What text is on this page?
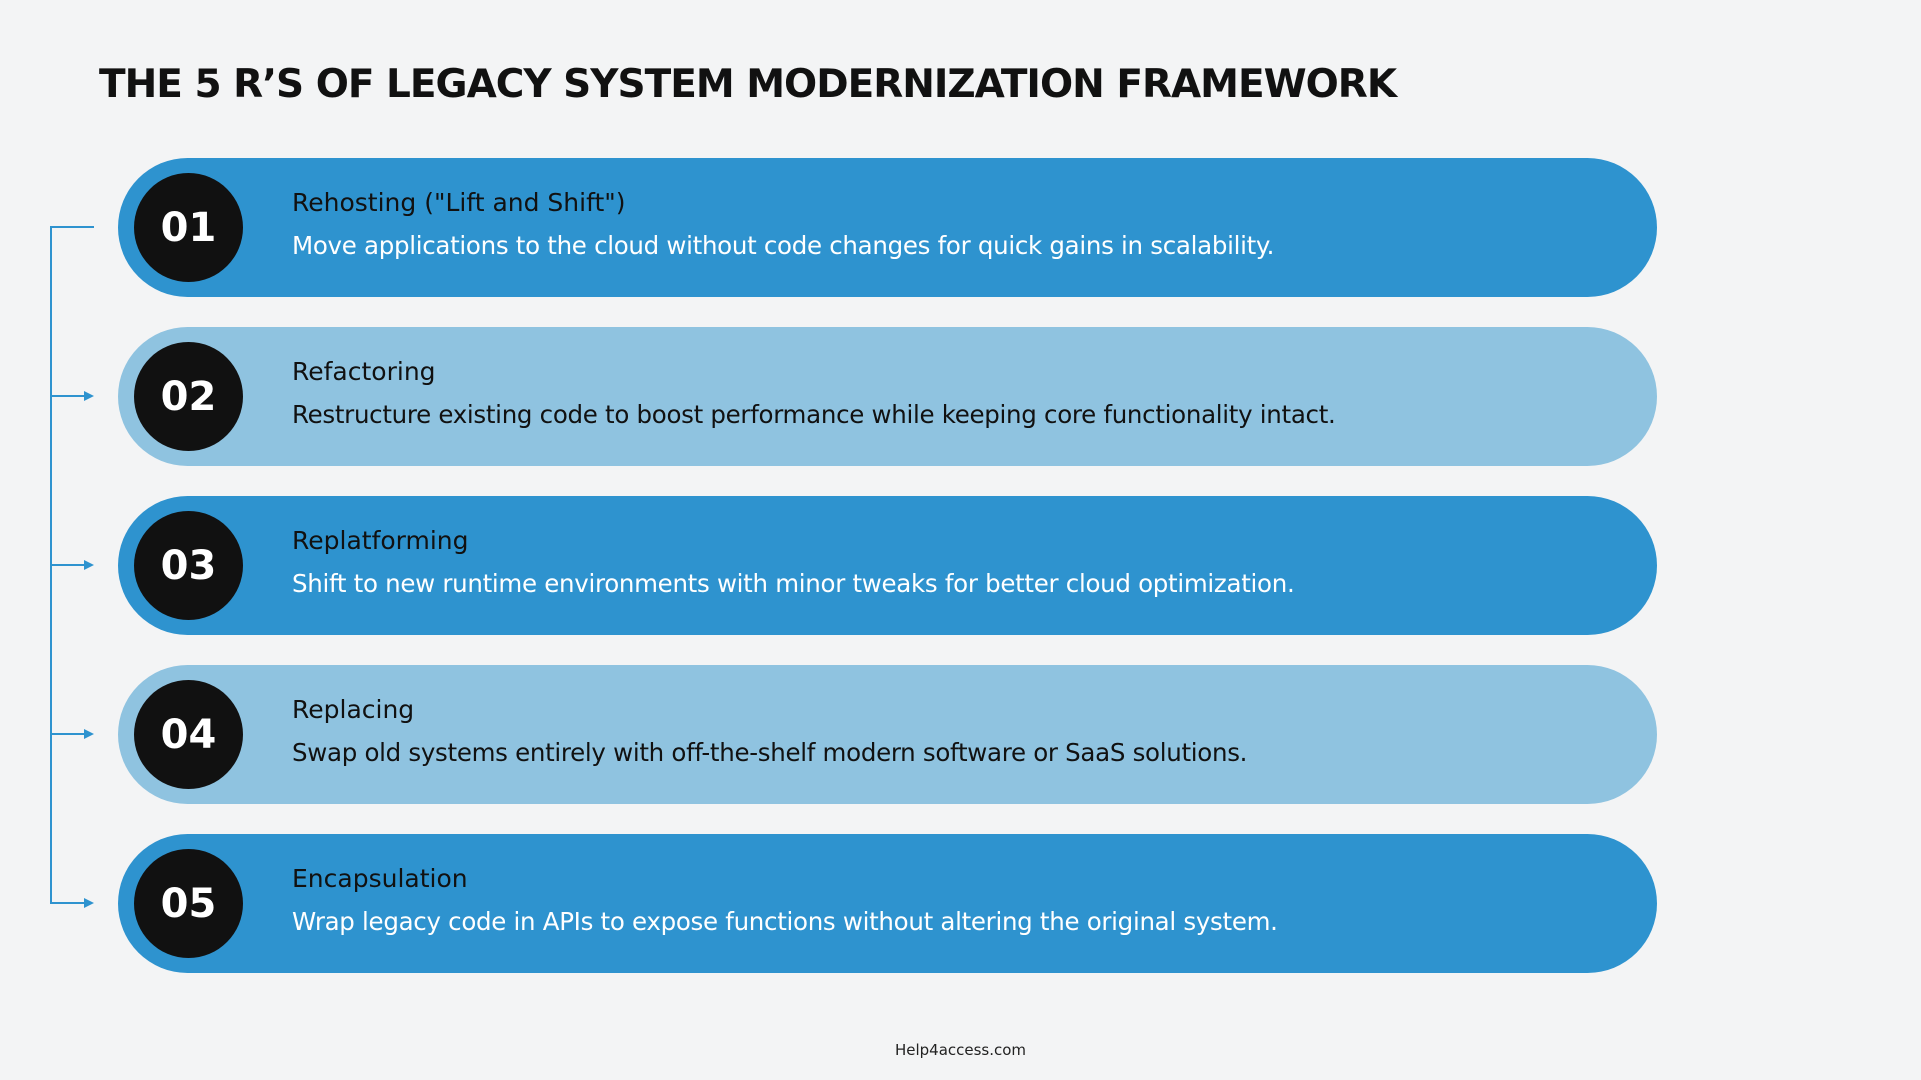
THE 5 R’S OF LEGACY SYSTEM MODERNIZATION FRAMEWORK
01
Rehosting ("Lift and Shift")
Move applications to the cloud without code changes for quick gains in scalability.
02
Refactoring
Restructure existing code to boost performance while keeping core functionality intact.
03
Replatforming
Shift to new runtime environments with minor tweaks for better cloud optimization.
04
Replacing
Swap old systems entirely with off-the-shelf modern software or SaaS solutions.
05
Encapsulation
Wrap legacy code in APIs to expose functions without altering the original system.
Help4access.com
